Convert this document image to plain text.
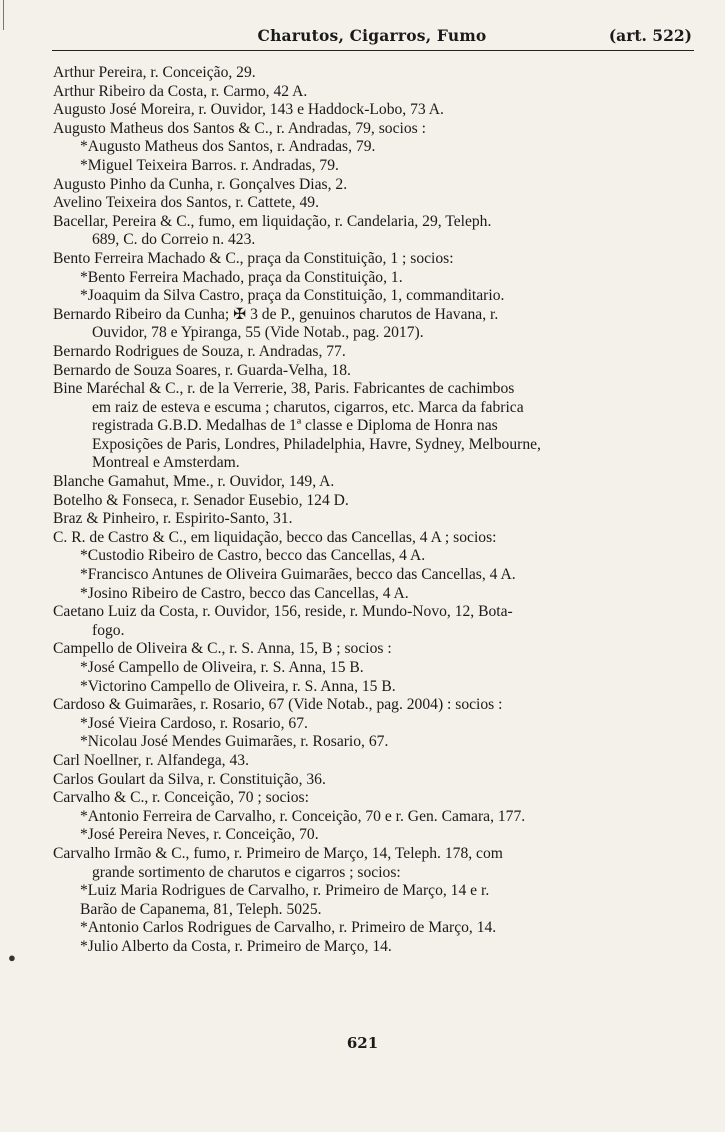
●
Charutos, Cigarros, Fumo	(art. 522)
Arthur Pereira, r. Conceição, 29.
Arthur Ribeiro da Costa, r. Carmo, 42 A.
Augusto José Moreira, r. Ouvidor, 143 e Haddock-Lobo, 73 A.
Augusto Matheus dos Santos & C., r. Andradas, 79, socios :
*Augusto Matheus dos Santos, r. Andradas, 79.
*Miguel Teixeira Barros. r. Andradas, 79.
Augusto Pinho da Cunha, r. Gonçalves Dias, 2.
Avelino Teixeira dos Santos, r. Cattete, 49.
Bacellar, Pereira & C., fumo, em liquidação, r. Candelaria, 29, Teleph.
689, C. do Correio n. 423.
Bento Ferreira Machado & C., praça da Constituição, 1 ; socios:
*Bento Ferreira Machado, praça da Constituição, 1.
*Joaquim da Silva Castro, praça da Constituição, 1, commanditario.
Bernardo Ribeiro da Cunha; ✠ 3 de P., genuinos charutos de Havana, r.
Ouvidor, 78 e Ypiranga, 55 (Vide Notab., pag. 2017).
Bernardo Rodrigues de Souza, r. Andradas, 77.
Bernardo de Souza Soares, r. Guarda-Velha, 18.
Bine Maréchal & C., r. de la Verrerie, 38, Paris. Fabricantes de cachimbos
em raiz de esteva e escuma ; charutos, cigarros, etc. Marca da fabrica
registrada G.B.D. Medalhas de 1ª classe e Diploma de Honra nas
Exposições de Paris, Londres, Philadelphia, Havre, Sydney, Melbourne,
Montreal e Amsterdam.
Blanche Gamahut, Mme., r. Ouvidor, 149, A.
Botelho & Fonseca, r. Senador Eusebio, 124 D.
Braz & Pinheiro, r. Espirito-Santo, 31.
C. R. de Castro & C., em liquidação, becco das Cancellas, 4 A ; socios:
*Custodio Ribeiro de Castro, becco das Cancellas, 4 A.
*Francisco Antunes de Oliveira Guimarães, becco das Cancellas, 4 A.
*Josino Ribeiro de Castro, becco das Cancellas, 4 A.
Caetano Luiz da Costa, r. Ouvidor, 156, reside, r. Mundo-Novo, 12, Bota-
fogo.
Campello de Oliveira & C., r. S. Anna, 15, B ; socios :
*José Campello de Oliveira, r. S. Anna, 15 B.
*Victorino Campello de Oliveira, r. S. Anna, 15 B.
Cardoso & Guimarães, r. Rosario, 67 (Vide Notab., pag. 2004) : socios :
*José Vieira Cardoso, r. Rosario, 67.
*Nicolau José Mendes Guimarães, r. Rosario, 67.
Carl Noellner, r. Alfandega, 43.
Carlos Goulart da Silva, r. Constituição, 36.
Carvalho & C., r. Conceição, 70 ; socios:
*Antonio Ferreira de Carvalho, r. Conceição, 70 e r. Gen. Camara, 177.
*José Pereira Neves, r. Conceição, 70.
Carvalho Irmão & C., fumo, r. Primeiro de Março, 14, Teleph. 178, com
grande sortimento de charutos e cigarros ; socios:
*Luiz Maria Rodrigues de Carvalho, r. Primeiro de Março, 14 e r.
Barão de Capanema, 81, Teleph. 5025.
*Antonio Carlos Rodrigues de Carvalho, r. Primeiro de Março, 14.
*Julio Alberto da Costa, r. Primeiro de Março, 14.
621
